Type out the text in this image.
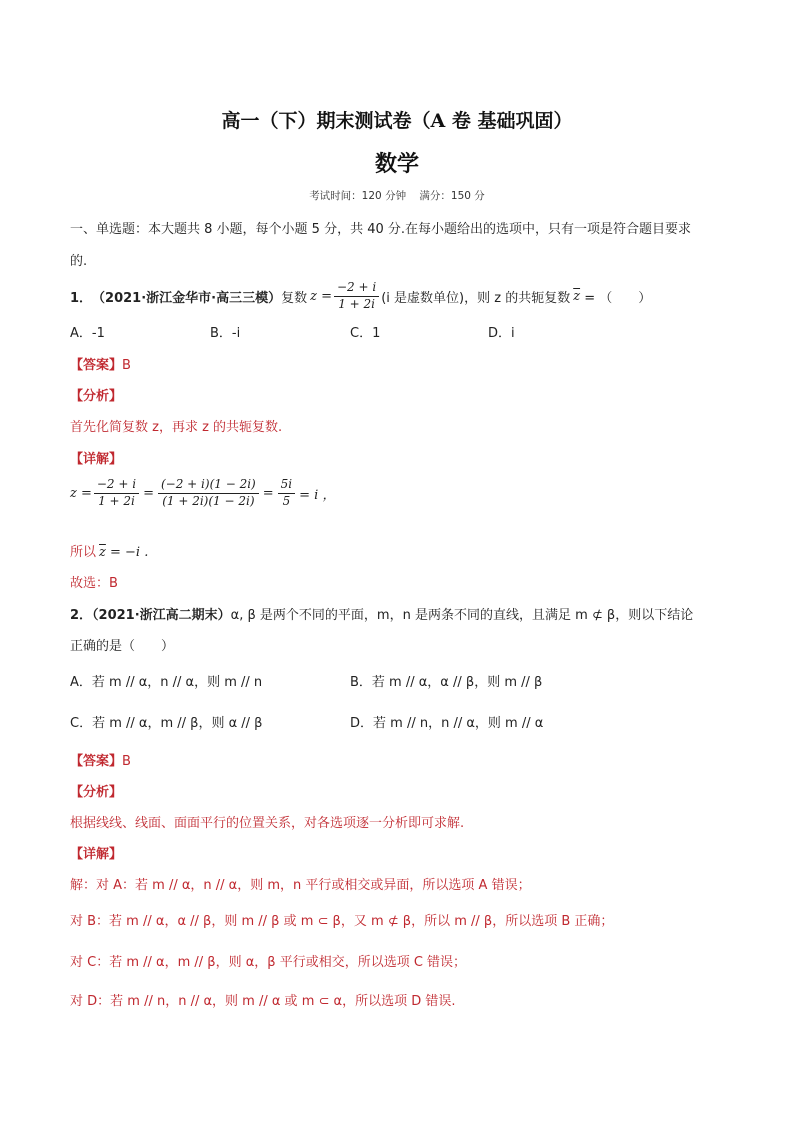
高一（下）期末测试卷（A 卷 基础巩固）
数学
考试时间：120 分钟    满分：150 分
一、单选题：本大题共 8 小题，每个小题 5 分，共 40 分.在每小题给出的选项中，只有一项是符合题目要求
的.
1． （2021·浙江金华市·高三三模） 复数 $z = \frac{-2 + i}{1 + 2i} (i$ 是虚数单位)，则 z 的共轭复数 $\overline{z}$ = （　　）
A．-1	B．-i	C．1	D．i
【答案】B
【分析】
首先化简复数 z，再求 z 的共轭复数.
【详解】
$z = \frac{-2 + i}{1 + 2i} = \frac{(-2 + i)(1 - 2i)}{(1 + 2i)(1 - 2i)} = \frac{5i}{5} = i$ ，
所以 $\overline{z} = -i$ .
故选：B
2．（2021·浙江高二期末）α, β 是两个不同的平面，m，n 是两条不同的直线，且满足 m ⊄ β，则以下结论
正确的是（　　）
A．若 m // α，n // α，则 m // n	B．若 m // α，α // β，则 m // β
C．若 m // α，m // β，则 α // β	D．若 m // n，n // α，则 m // α
【答案】B
【分析】
根据线线、线面、面面平行的位置关系，对各选项逐一分析即可求解.
【详解】
解：对 A：若 m // α，n // α，则 m，n 平行或相交或异面，所以选项 A 错误；
对 B：若 m // α，α // β，则 m // β 或 m ⊂ β，又 m ⊄ β，所以 m // β，所以选项 B 正确；
对 C：若 m // α，m // β，则 α，β 平行或相交，所以选项 C 错误；
对 D：若 m // n，n // α，则 m // α 或 m ⊂ α，所以选项 D 错误.
